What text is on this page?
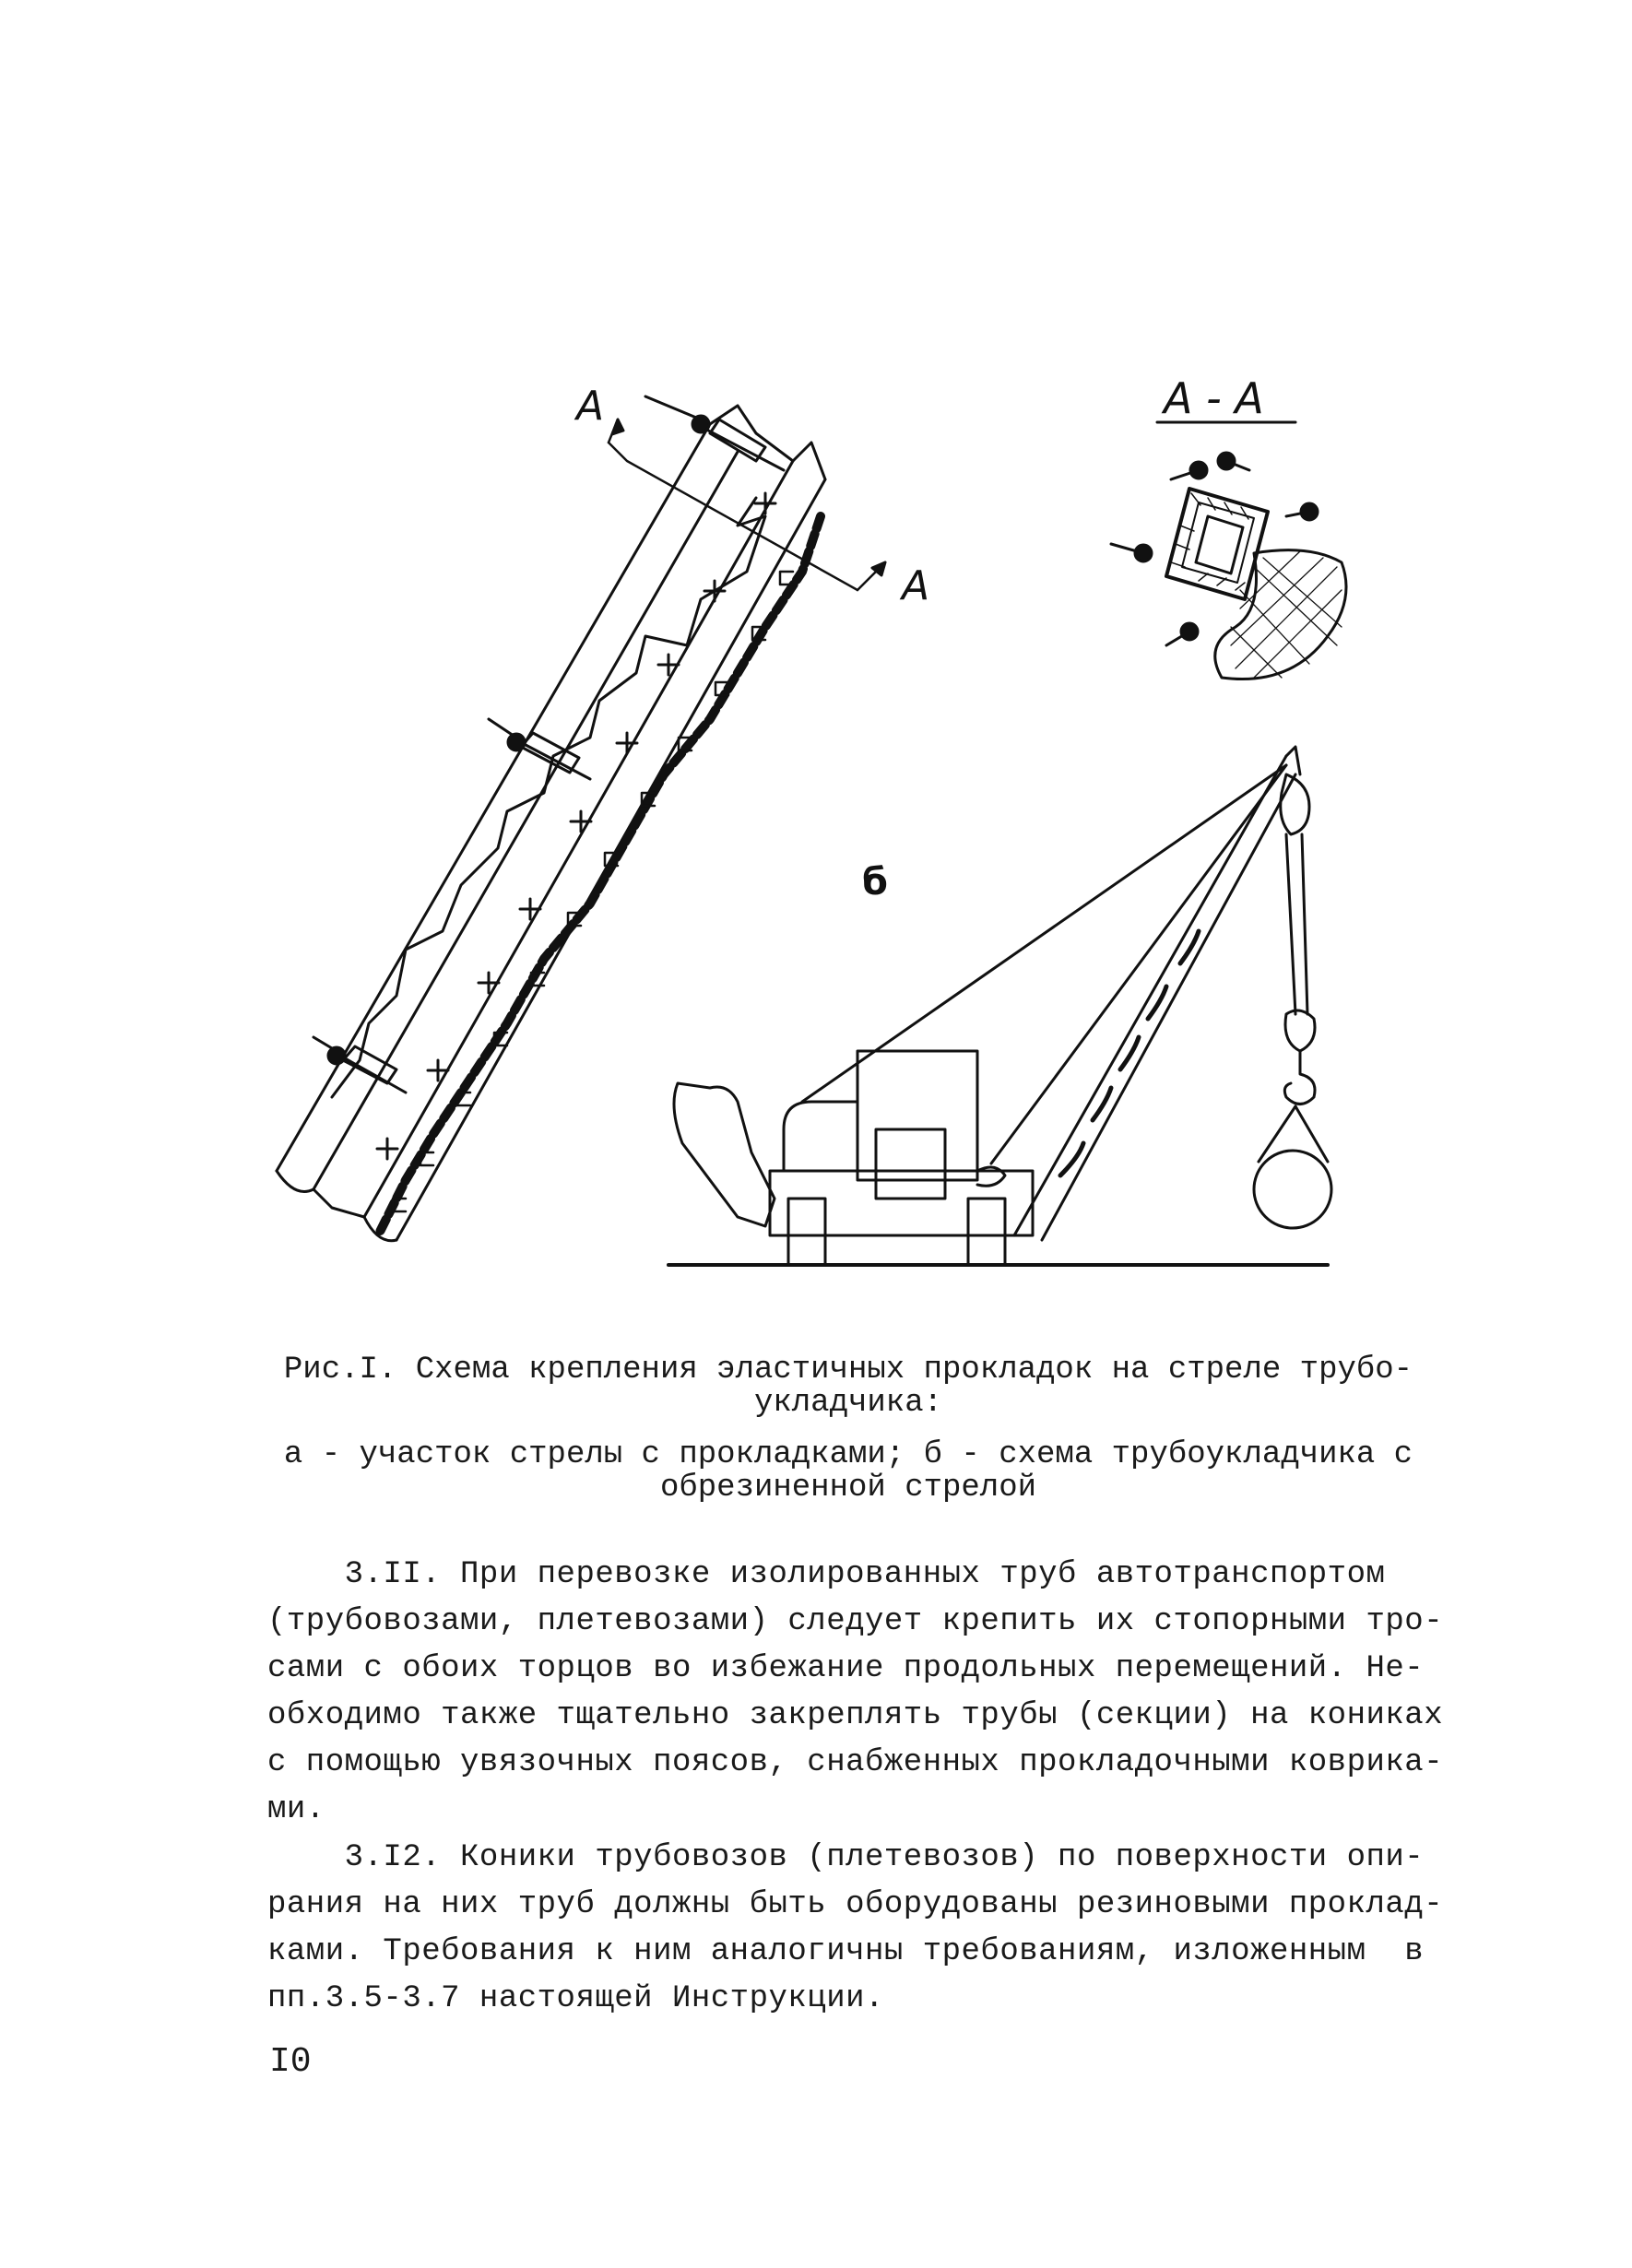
A
A
A - A
б
Рис.I. Схема крепления эластичных прокладок на стреле трубо-
укладчика:
а - участок стрелы с прокладками; б - схема трубоукладчика с
обрезиненной стрелой
3.II. При перевозке изолированных труб автотранспортом
(трубовозами, плетевозами) следует крепить их стопорными тро-
сами с обоих торцов во избежание продольных перемещений. Не-
обходимо также тщательно закреплять трубы (секции) на кониках
с помощью увязочных поясов, снабженных прокладочными коврика-
ми.
3.I2. Коники трубовозов (плетевозов) по поверхности опи-
рания на них труб должны быть оборудованы резиновыми проклад-
ками. Требования к ним аналогичны требованиям, изложенным  в
пп.3.5-3.7 настоящей Инструкции.
I0
